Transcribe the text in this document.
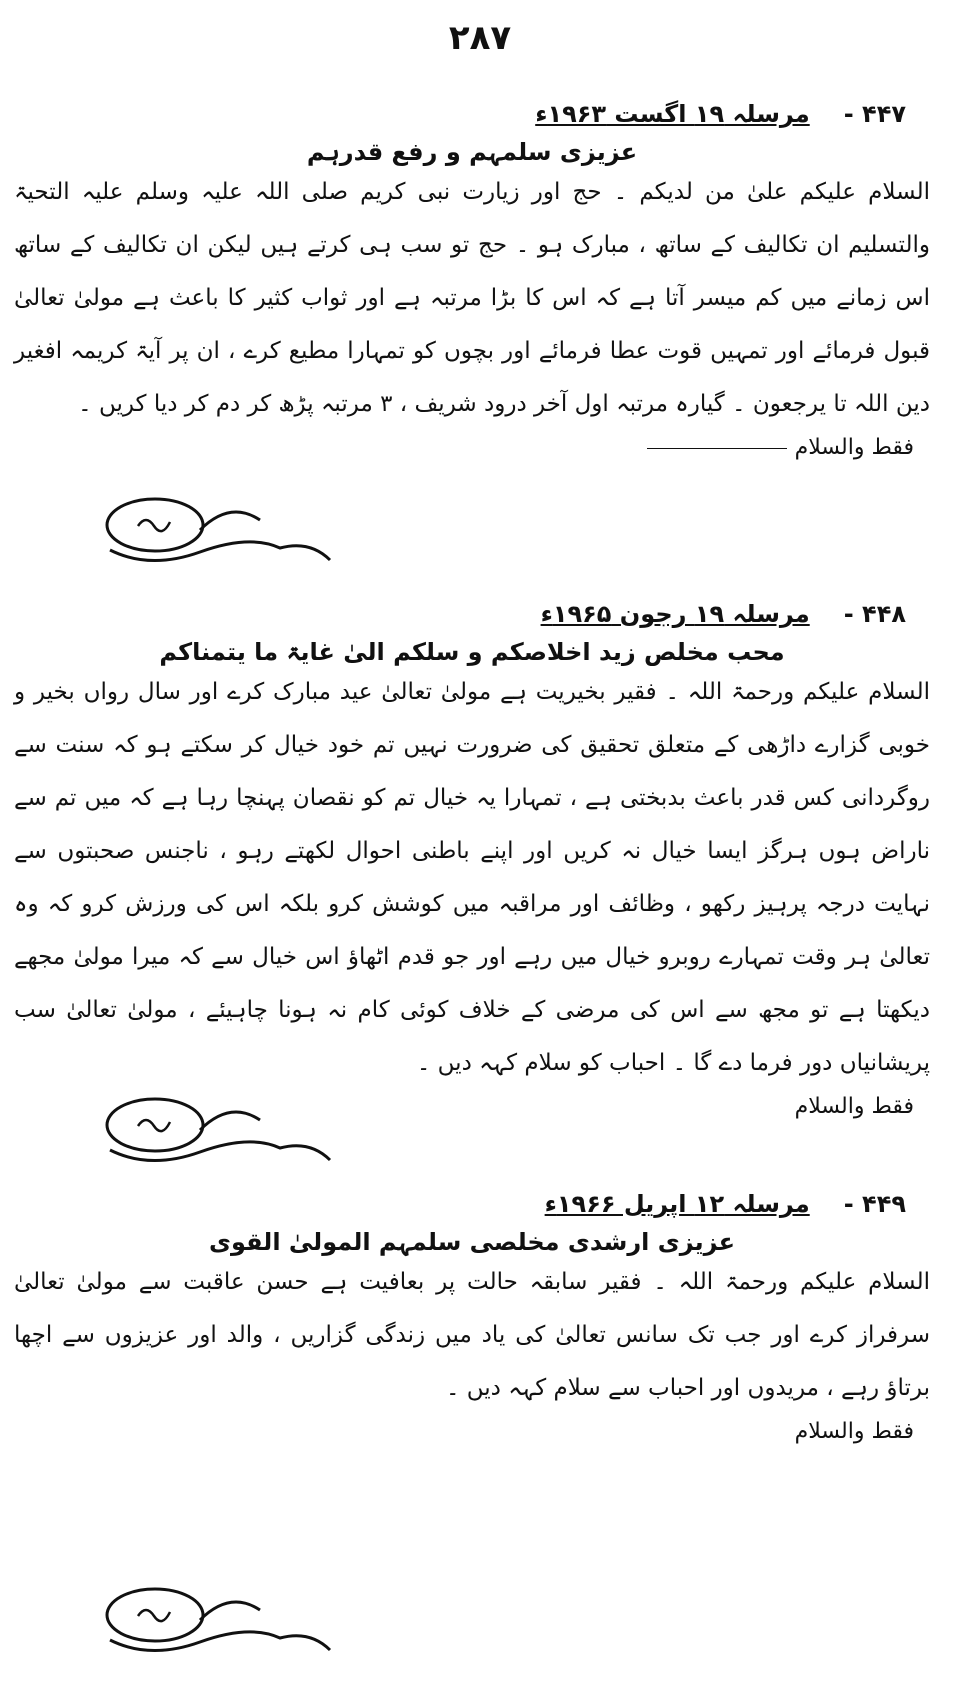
۲۸۷
مرسلہ ۱۹ اگست ۱۹۶۳ء ۴۴۷ -
عزیزی سلمہم و رفع قدرہم

السلام علیکم علیٰ من لدیکم ۔ حج اور زیارت نبی کریم صلی اللہ علیہ وسلم علیہ التحیۃ والتسلیم ان تکالیف کے ساتھ ، مبارک ہو ۔ حج تو سب ہی کرتے ہیں لیکن ان تکالیف کے ساتھ اس زمانے میں کم میسر آتا ہے کہ اس کا بڑا مرتبہ ہے اور ثواب کثیر کا باعث ہے مولیٰ تعالیٰ قبول فرمائے اور تمہیں قوت عطا فرمائے اور بچوں کو تمہارا مطیع کرے ، ان پر آیۃ کریمہ افغیر دین اللہ تا یرجعون ۔ گیارہ مرتبہ اول آخر درود شریف ، ۳ مرتبہ پڑھ کر دم کر دیا کریں ۔

فقط والسلام
مرسلہ ۱۹ رجون ۱۹۶۵ء ۴۴۸ -
محب مخلص زید اخلاصکم و سلکم الیٰ غایۃ ما یتمناکم

السلام علیکم ورحمۃ اللہ ۔ فقیر بخیریت ہے مولیٰ تعالیٰ عید مبارک کرے اور سال رواں بخیر و خوبی گزارے داڑھی کے متعلق تحقیق کی ضرورت نہیں تم خود خیال کر سکتے ہو کہ سنت سے روگردانی کس قدر باعث بدبختی ہے ، تمہارا یہ خیال تم کو نقصان پہنچا رہا ہے کہ میں تم سے ناراض ہوں ہرگز ایسا خیال نہ کریں اور اپنے باطنی احوال لکھتے رہو ، ناجنس صحبتوں سے نہایت درجہ پرہیز رکھو ، وظائف اور مراقبہ میں کوشش کرو بلکہ اس کی ورزش کرو کہ وہ تعالیٰ ہر وقت تمہارے روبرو خیال میں رہے اور جو قدم اٹھاؤ اس خیال سے کہ میرا مولیٰ مجھے دیکھتا ہے تو مجھ سے اس کی مرضی کے خلاف کوئی کام نہ ہونا چاہیئے ، مولیٰ تعالیٰ سب پریشانیاں دور فرما دے گا ۔ احباب کو سلام کہہ دیں ۔

فقط والسلام
مرسلہ ۱۲ اپریل ۱۹۶۶ء ۴۴۹ -
عزیزی ارشدی مخلصی سلمہم المولیٰ القوی

السلام علیکم ورحمۃ اللہ ۔ فقیر سابقہ حالت پر بعافیت ہے حسن عاقبت سے مولیٰ تعالیٰ سرفراز کرے اور جب تک سانس تعالیٰ کی یاد میں زندگی گزاریں ، والد اور عزیزوں سے اچھا برتاؤ رہے ، مریدوں اور احباب سے سلام کہہ دیں ۔

فقط والسلام
